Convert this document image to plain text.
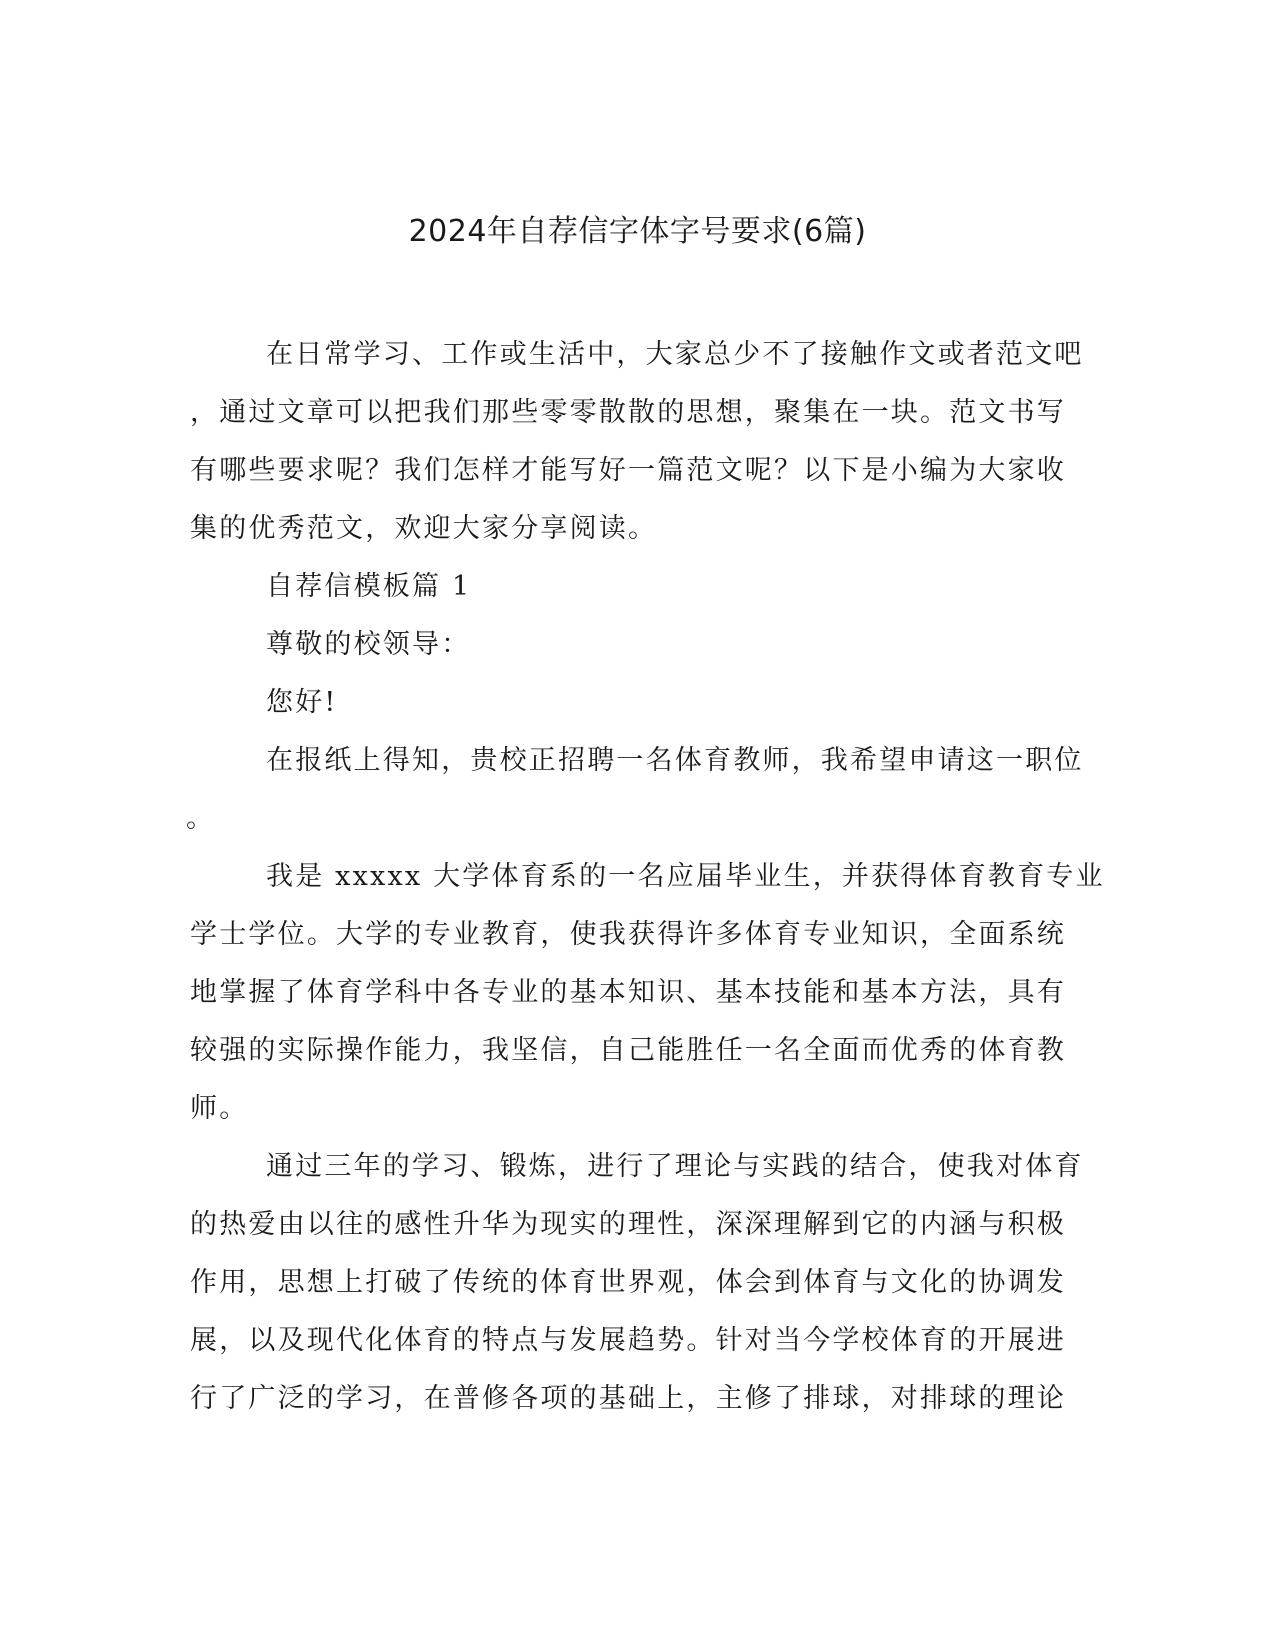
2024年自荐信字体字号要求(6篇)
在日常学习、工作或生活中，大家总少不了接触作文或者范文吧
，通过文章可以把我们那些零零散散的思想，聚集在一块。范文书写
有哪些要求呢？我们怎样才能写好一篇范文呢？以下是小编为大家收
集的优秀范文，欢迎大家分享阅读。
自荐信模板篇 1
尊敬的校领导：
您好!
在报纸上得知，贵校正招聘一名体育教师，我希望申请这一职位
。
我是 xxxxx 大学体育系的一名应届毕业生，并获得体育教育专业
学士学位。大学的专业教育，使我获得许多体育专业知识，全面系统
地掌握了体育学科中各专业的基本知识、基本技能和基本方法，具有
较强的实际操作能力，我坚信，自己能胜任一名全面而优秀的体育教
师。
通过三年的学习、锻炼，进行了理论与实践的结合，使我对体育
的热爱由以往的感性升华为现实的理性，深深理解到它的内涵与积极
作用，思想上打破了传统的体育世界观，体会到体育与文化的协调发
展，以及现代化体育的特点与发展趋势。针对当今学校体育的开展进
行了广泛的学习，在普修各项的基础上，主修了排球，对排球的理论
